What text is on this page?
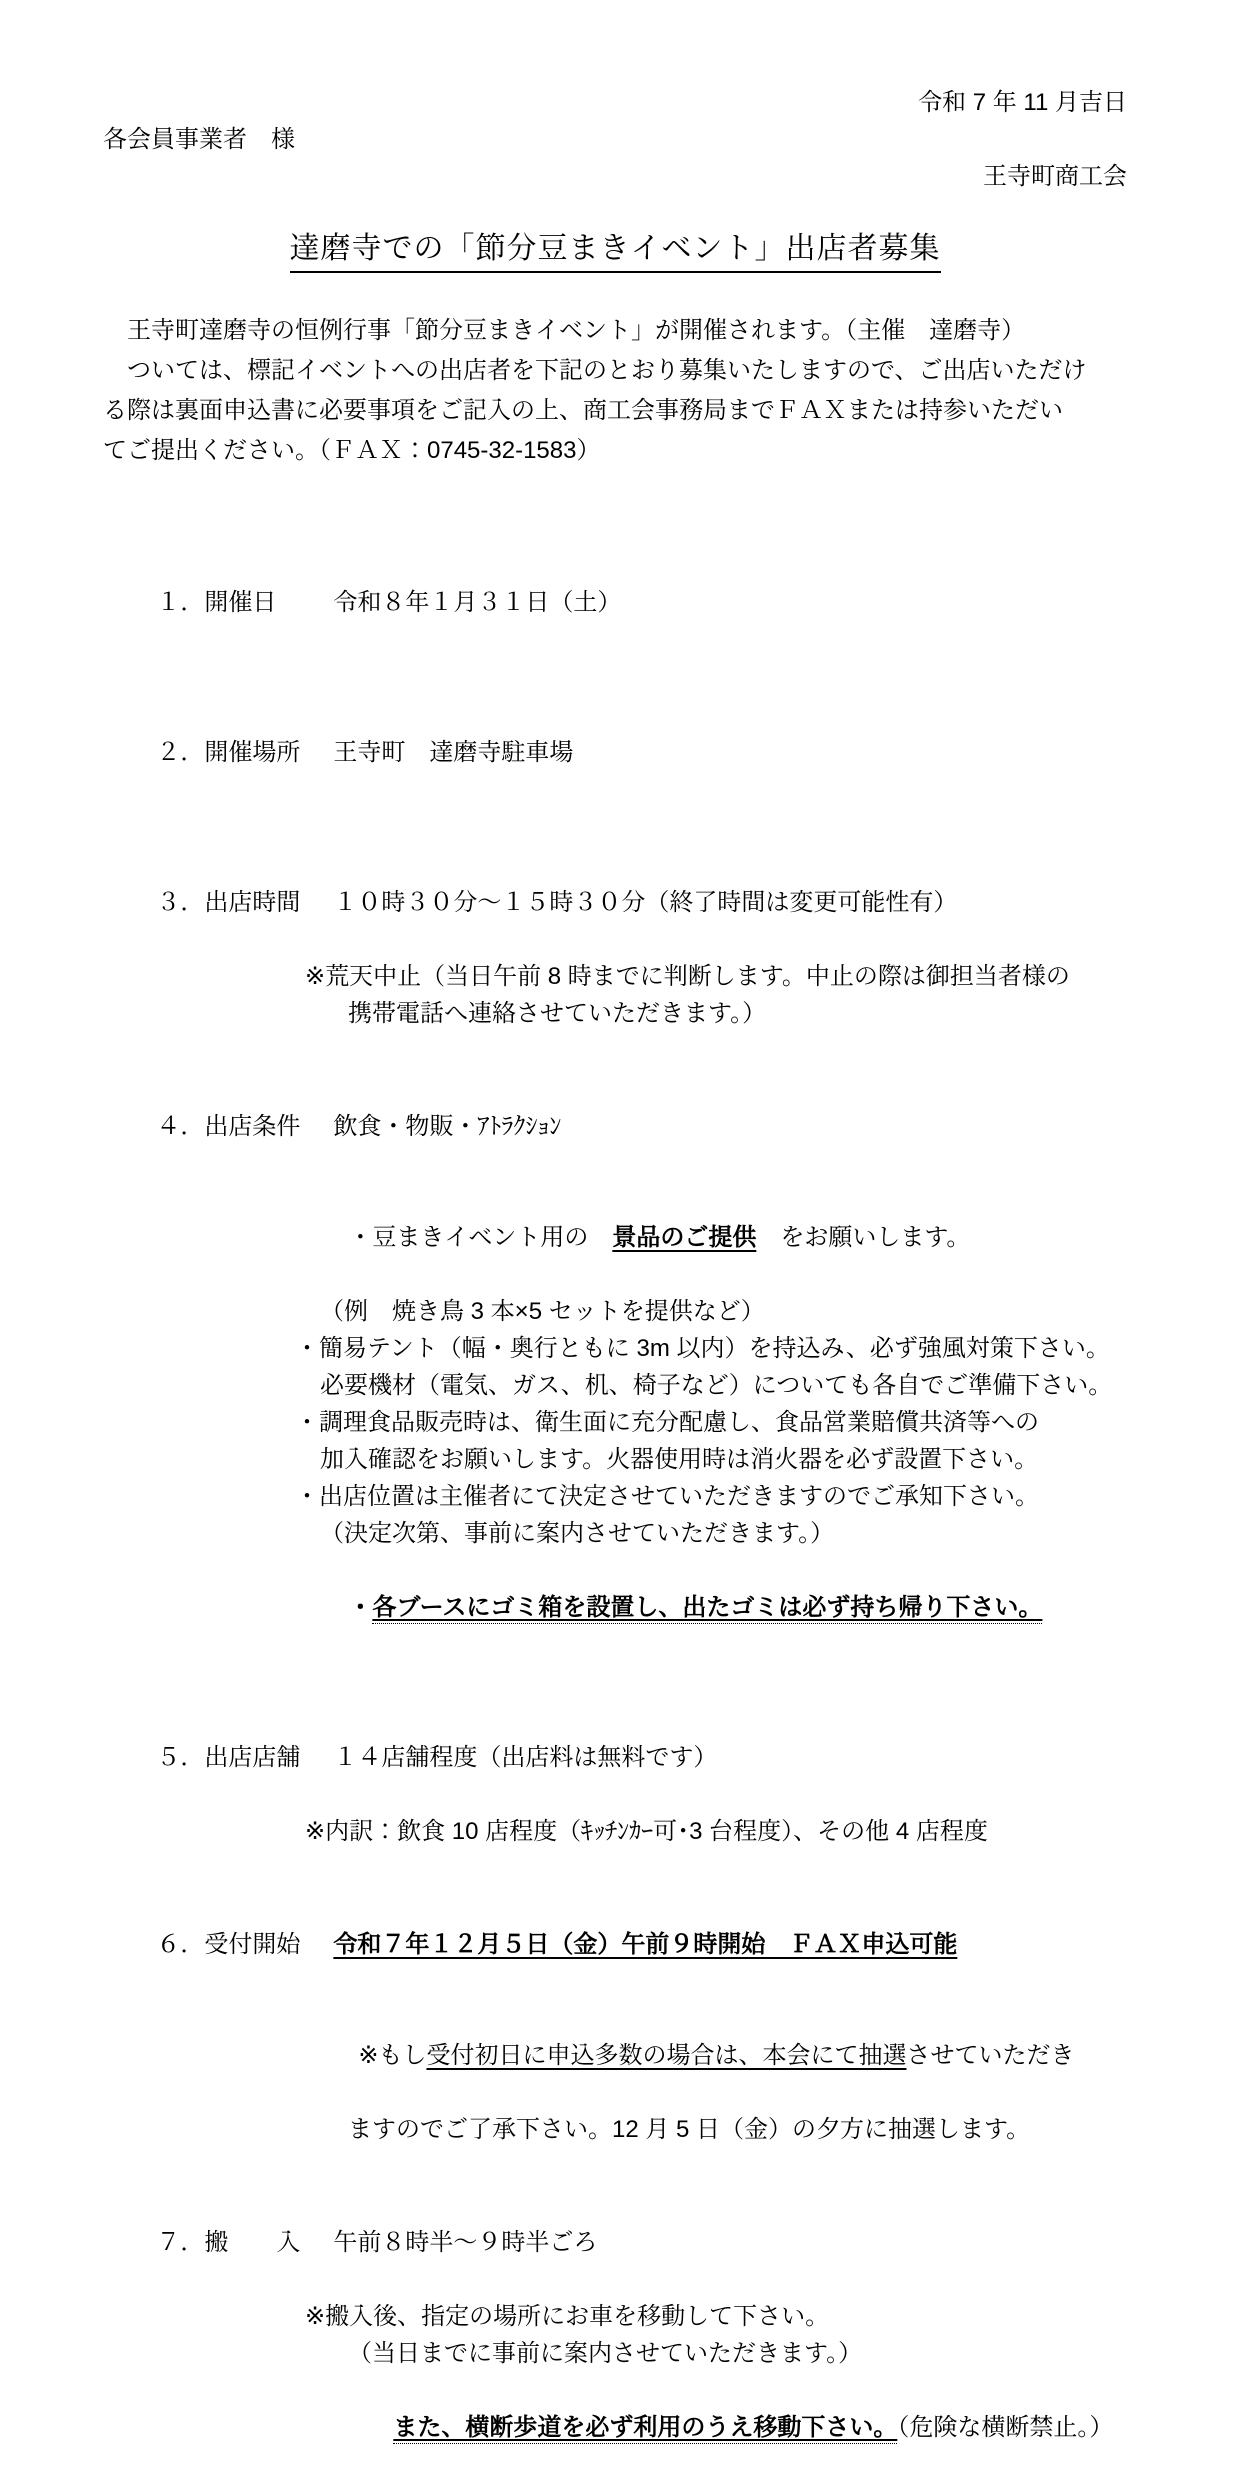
令和 7 年 11 月吉日
各会員事業者　様
王寺町商工会
達磨寺での「節分豆まきイベント」出店者募集
　王寺町達磨寺の恒例行事「節分豆まきイベント」が開催されます。（主催　達磨寺）
　ついては、標記イベントへの出店者を下記のとおり募集いたしますので、ご出店いただけ
る際は裏面申込書に必要事項をご記入の上、商工会事務局までＦＡＸまたは持参いただい
てご提出ください。（ＦＡＸ：0745-32-1583）

１．開催日 令和８年１月３１日（土）

２．開催場所 王寺町　達磨寺駐車場

３．出店時間 １０時３０分～１５時３０分（終了時間は変更可能性有）

※荒天中止（当日午前 8 時までに判断します。中止の際は御担当者様の
携帯電話へ連絡させていただきます。）

４．出店条件 飲食・物販・ｱﾄﾗｸｼｮﾝ

・豆まきイベント用の　景品のご提供　をお願いします。

（例　焼き鳥 3 本×5 セットを提供など）
・簡易テント（幅・奥行ともに 3m 以内）を持込み、必ず強風対策下さい。
必要機材（電気、ガス、机、椅子など）についても各自でご準備下さい。
・調理食品販売時は、衛生面に充分配慮し、食品営業賠償共済等への
加入確認をお願いします。火器使用時は消火器を必ず設置下さい。
・出店位置は主催者にて決定させていただきますのでご承知下さい。
（決定次第、事前に案内させていただきます。）

・各ブースにゴミ箱を設置し、出たゴミは必ず持ち帰り下さい。

５．出店店舗 １４店舗程度（出店料は無料です）

※内訳：飲食 10 店程度（ｷｯﾁﾝｶｰ可･3 台程度）、その他 4 店程度

６．受付開始 令和７年１２月５日（金）午前９時開始　ＦＡＸ申込可能

※もし受付初日に申込多数の場合は、本会にて抽選させていただき

ますのでご了承下さい。12 月 5 日（金）の夕方に抽選します。

７．搬　　入 午前８時半～９時半ごろ

※搬入後、指定の場所にお車を移動して下さい。
（当日までに事前に案内させていただきます。）

また、横断歩道を必ず利用のうえ移動下さい。（危険な横断禁止。）
